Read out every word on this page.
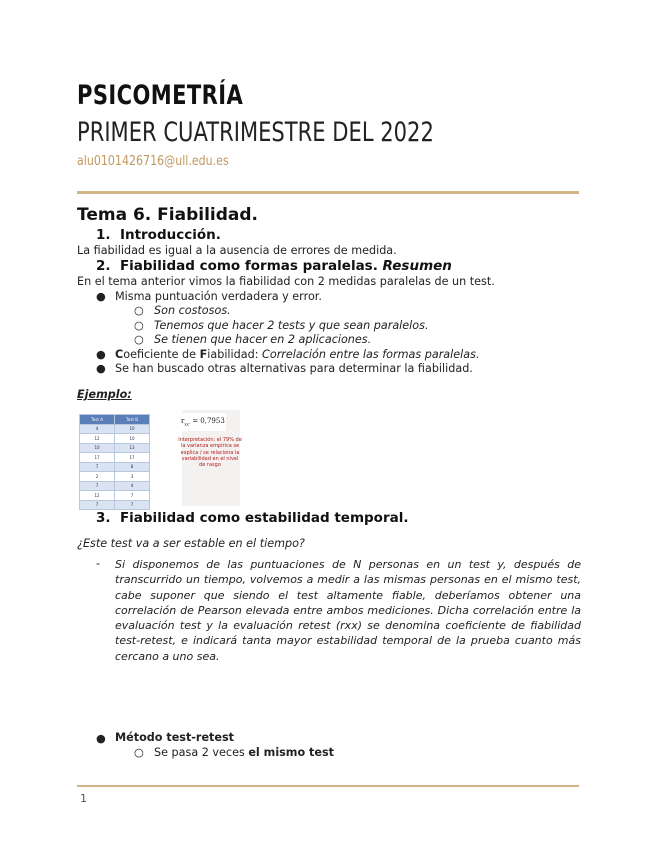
PSICOMETRÍA
PRIMER CUATRIMESTRE DEL 2022
alu0101426716@ull.edu.es
Tema 6. Fiabilidad.
1. Introducción.
La fiabilidad es igual a la ausencia de errores de medida.
2. Fiabilidad como formas paralelas. Resumen
En el tema anterior vimos la fiabilidad con 2 medidas paralelas de un test.
● Misma puntuación verdadera y error.
○ Son costosos.
○ Tenemos que hacer 2 tests y que sean paralelos.
○ Se tienen que hacer en 2 aplicaciones.
● Coeficiente de Fiabilidad: Correlación entre las formas paralelas.
● Se han buscado otras alternativas para determinar la fiabilidad.
Ejemplo:
Test A	Test B
4	10
12	10
10	13
17	17
7	8
2	3
7	4
12	7
7	7
$r_{xx'} = 0,7953$
Interpretación: el 79% de la varianza empírica se explica / se relaciona la variabilidad en el nivel de rasgo
3. Fiabilidad como estabilidad temporal.
¿Este test va a ser estable en el tiempo?
- Si disponemos de las puntuaciones de N personas en un test y, después de transcurrido un tiempo, volvemos a medir a las mismas personas en el mismo test, cabe suponer que siendo el test altamente fiable, deberíamos obtener una correlación de Pearson elevada entre ambos mediciones. Dicha correlación entre la evaluación test y la evaluación retest (rxx) se denomina coeficiente de fiabilidad test-retest, e indicará tanta mayor estabilidad temporal de la prueba cuanto más cercano a uno sea.
● Método test-retest
○ Se pasa 2 veces el mismo test
1
